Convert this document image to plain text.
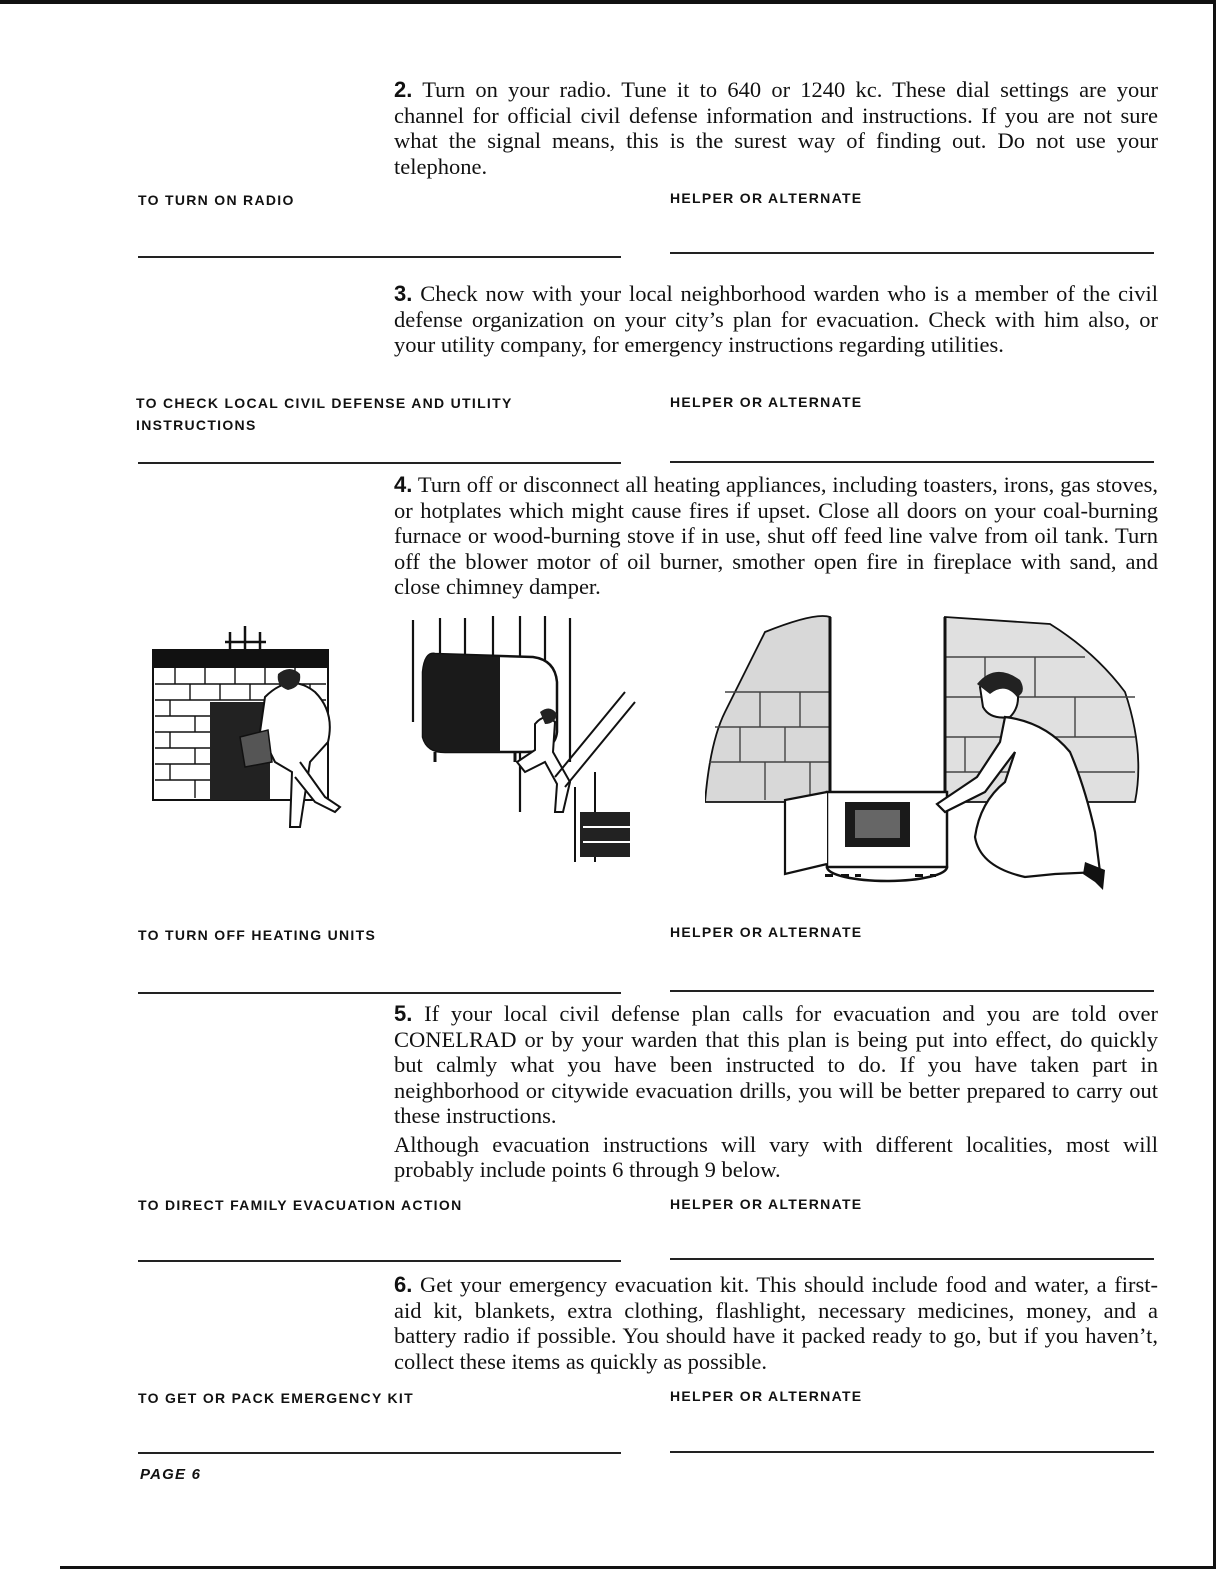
2. Turn on your radio. Tune it to 640 or 1240 kc. These dial settings are your channel for official civil defense information and instructions. If you are not sure what the signal means, this is the surest way of finding out. Do not use your telephone.

TO TURN ON RADIO	HELPER OR ALTERNATE

3. Check now with your local neighborhood warden who is a member of the civil defense organization on your city’s plan for evacuation. Check with him also, or your utility company, for emergency instructions regarding utilities.

TO CHECK LOCAL CIVIL DEFENSE AND UTILITY
INSTRUCTIONS
HELPER OR ALTERNATE

4. Turn off or disconnect all heating appliances, including toasters, irons, gas stoves, or hotplates which might cause fires if upset. Close all doors on your coal-burning furnace or wood-burning stove if in use, shut off feed line valve from oil tank. Turn off the blower motor of oil burner, smother open fire in fireplace with sand, and close chimney damper.

TO TURN OFF HEATING UNITS	HELPER OR ALTERNATE
5. If your local civil defense plan calls for evacuation and you are told over CONELRAD or by your warden that this plan is being put into effect, do quickly but calmly what you have been instructed to do. If you have taken part in neighborhood or citywide evacuation drills, you will be better prepared to carry out these instructions.
Although evacuation instructions will vary with different localities, most will probably include points 6 through 9 below.
TO DIRECT FAMILY EVACUATION ACTION	HELPER OR ALTERNATE

6. Get your emergency evacuation kit. This should include food and water, a first-aid kit, blankets, extra clothing, flashlight, necessary medicines, money, and a battery radio if possible. You should have it packed ready to go, but if you haven’t, collect these items as quickly as possible.

TO GET OR PACK EMERGENCY KIT	HELPER OR ALTERNATE
PAGE 6
